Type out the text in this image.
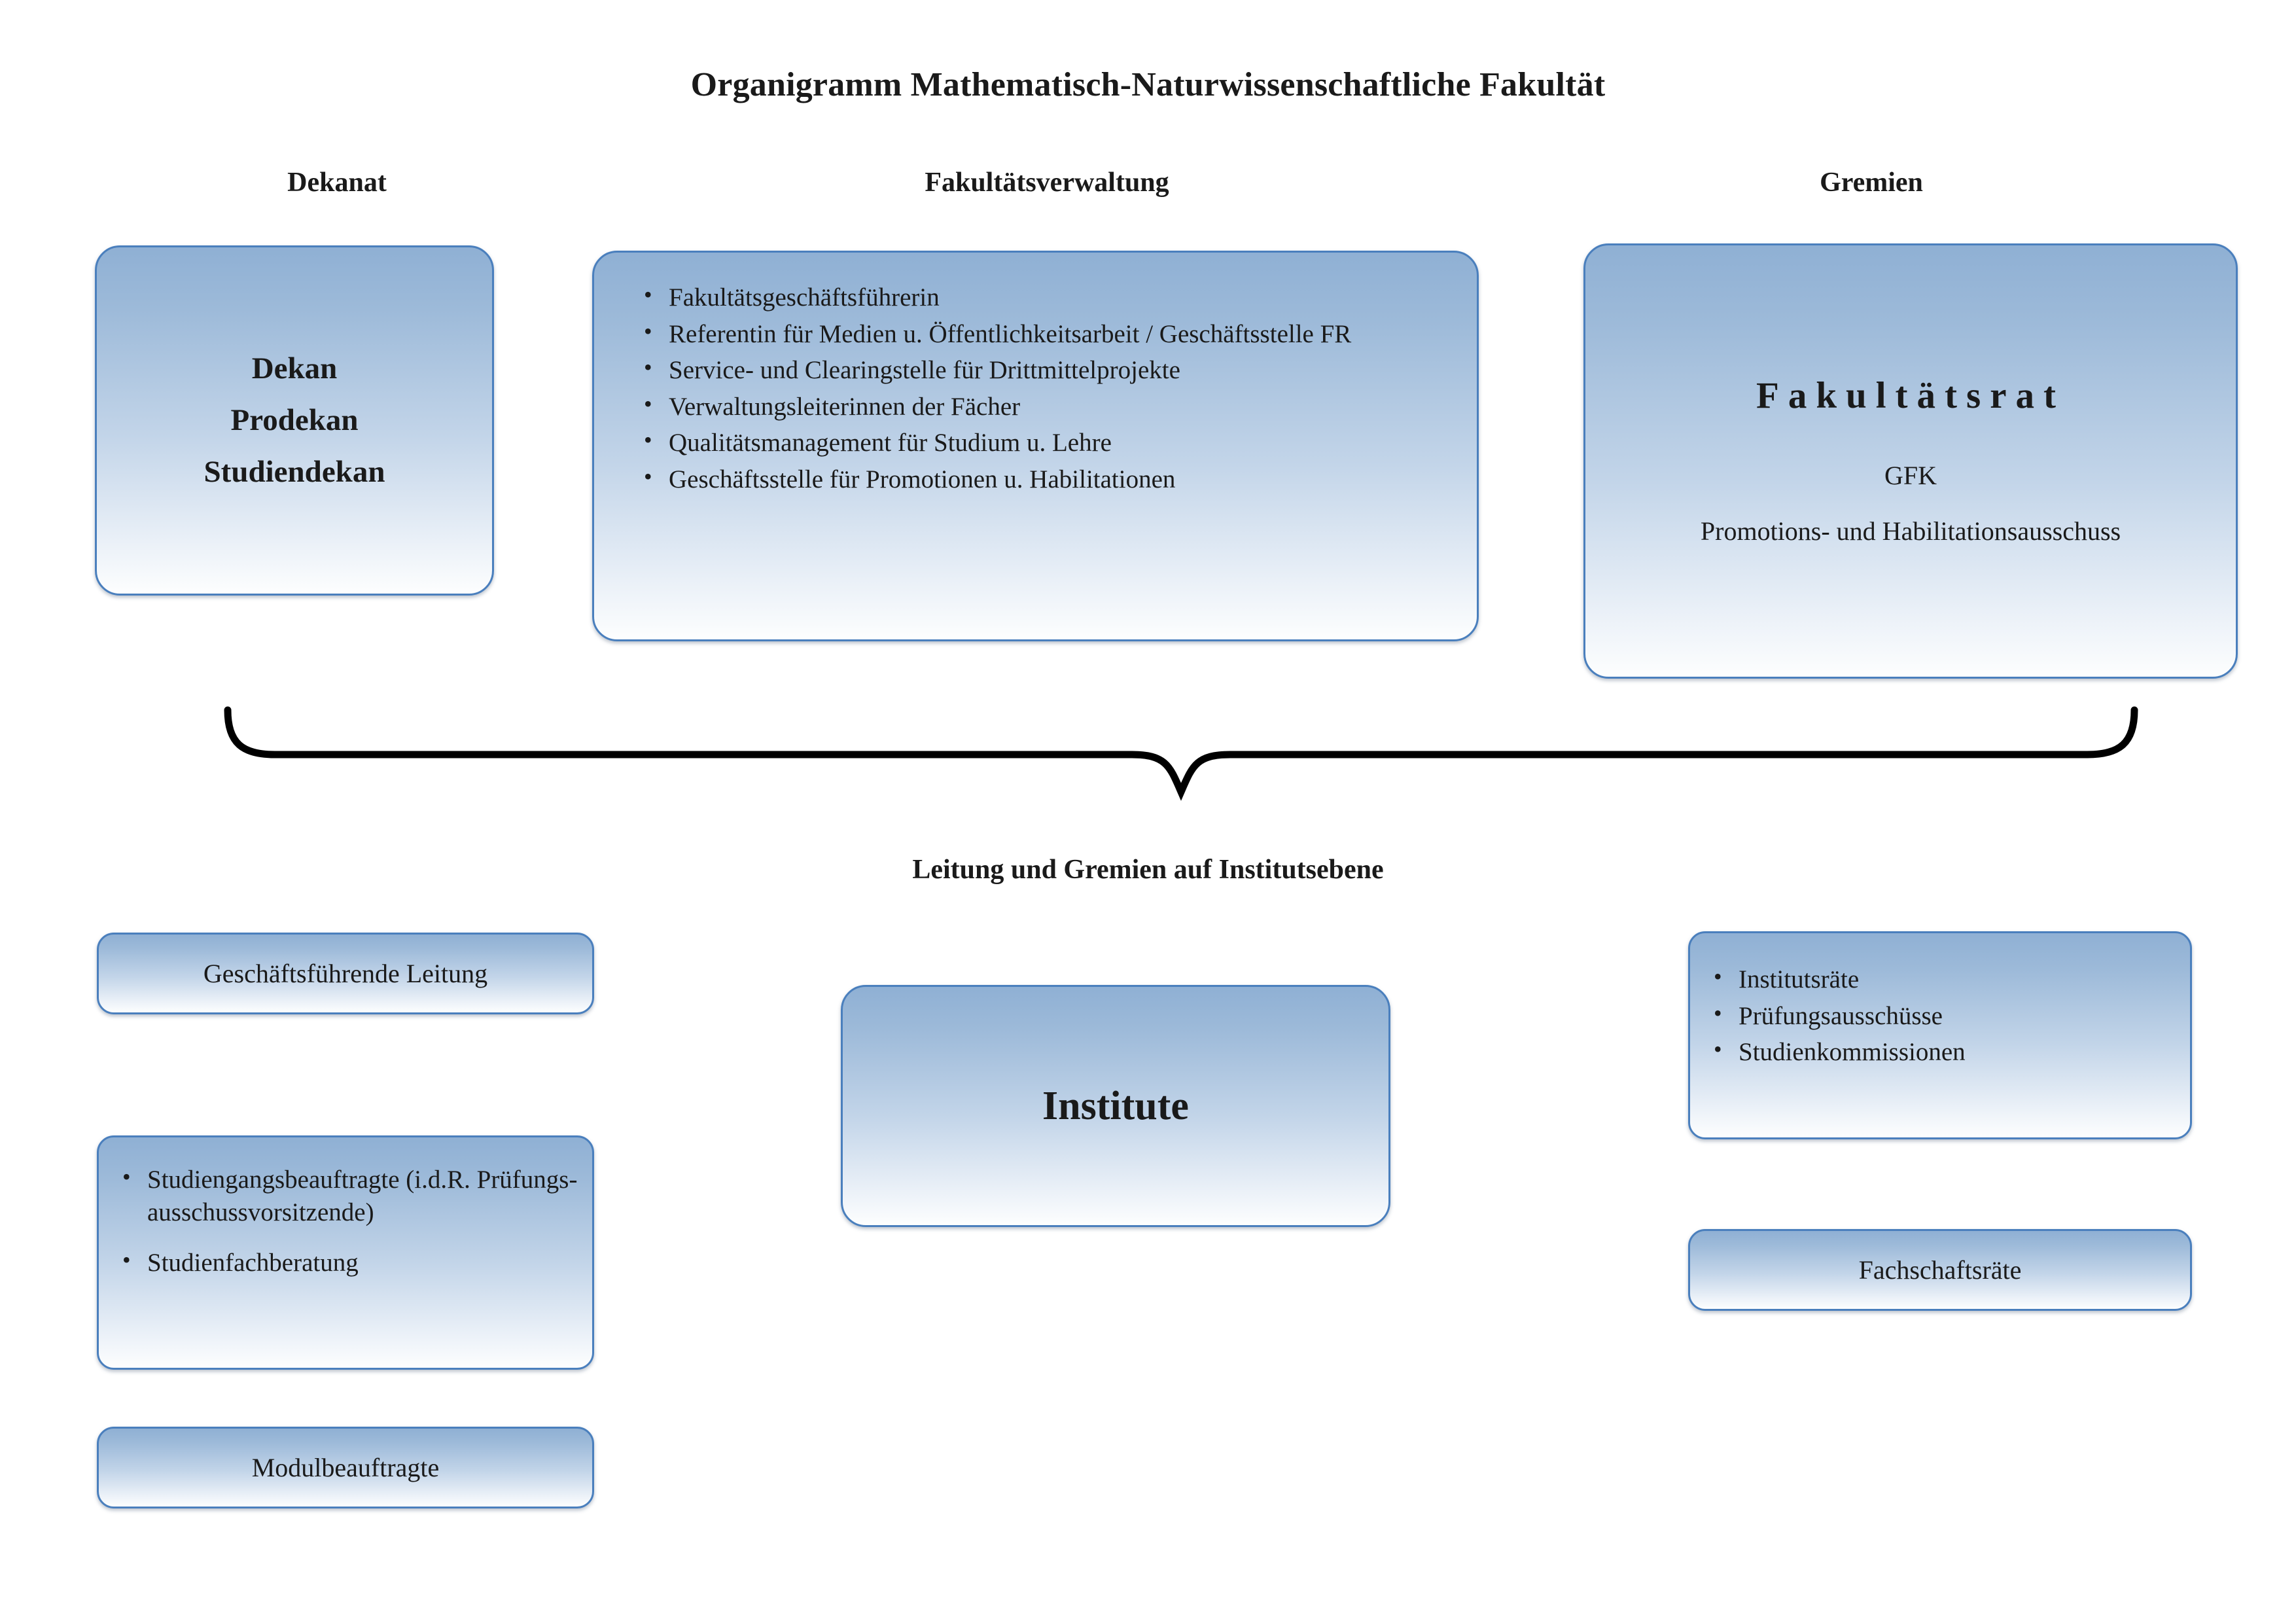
Organigramm Mathematisch-Naturwissenschaftliche Fakultät
Dekanat	Fakultätsverwaltung	Gremien
Dekan
Prodekan
Studiendekan
• Fakultätsgeschäftsführerin
• Referentin für Medien u. Öffentlichkeitsarbeit / Geschäftsstelle FR
• Service- und Clearingstelle für Drittmittelprojekte
• Verwaltungsleiterinnen der Fächer
• Qualitätsmanagement für Studium u. Lehre
• Geschäftsstelle für Promotionen u. Habilitationen
Fakultätsrat
GFK
Promotions- und Habilitationsausschuss
Leitung und Gremien auf Institutsebene
Geschäftsführende Leitung
• Studiengangsbeauftragte (i.d.R. Prüfungs- ausschussvorsitzende)
• Studienfachberatung
Modulbeauftragte
Institute
• Institutsräte
• Prüfungsausschüsse
• Studienkommissionen
Fachschaftsräte
